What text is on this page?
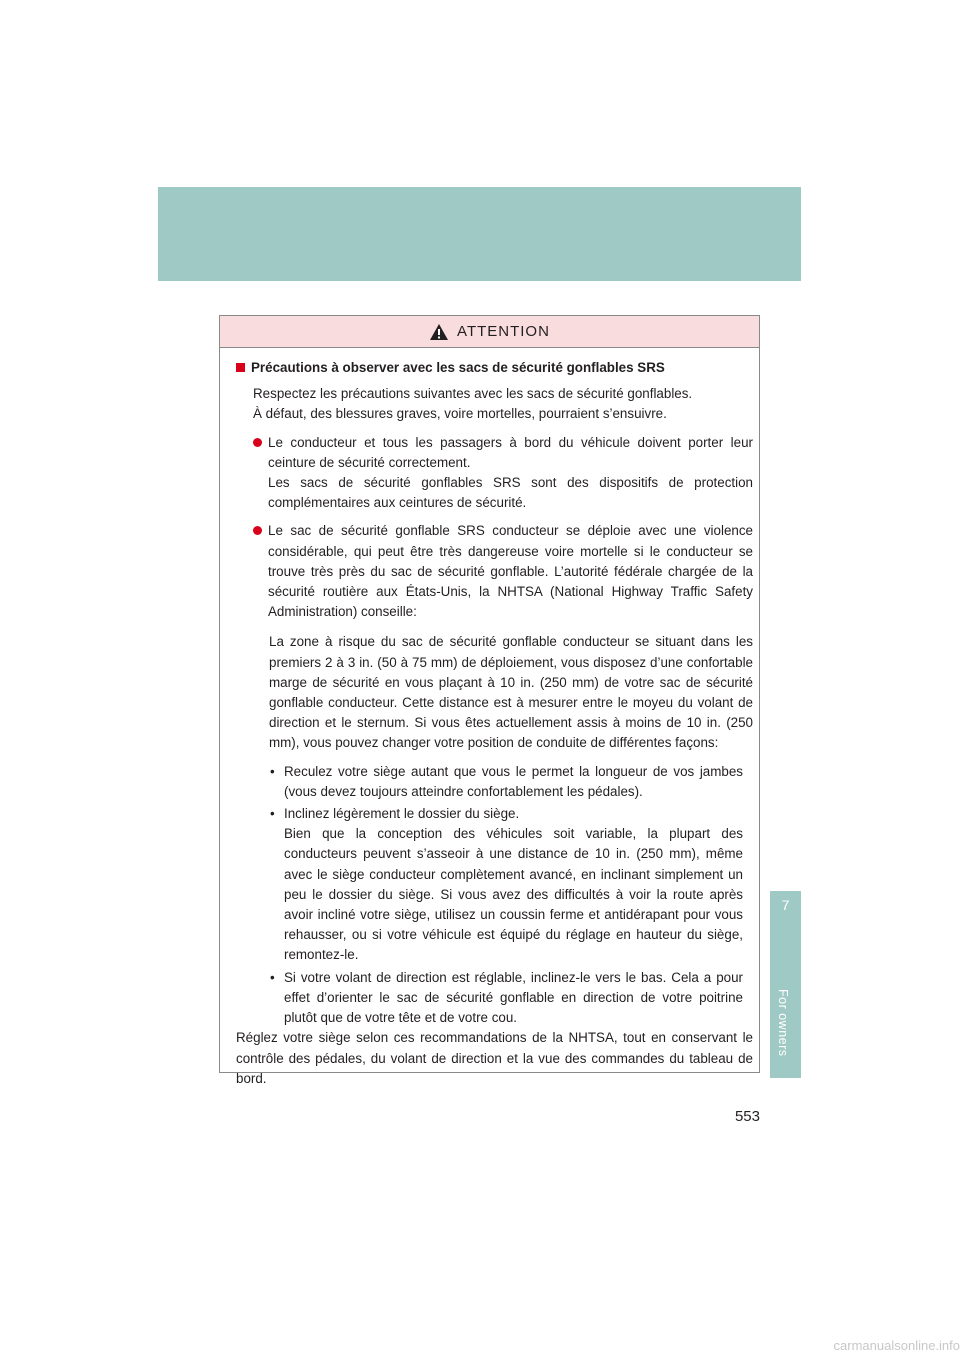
7
For owners
ATTENTION
Précautions à observer avec les sacs de sécurité gonflables SRS
Respectez les précautions suivantes avec les sacs de sécurité gonflables.
À défaut, des blessures graves, voire mortelles, pourraient s’ensuivre.
Le conducteur et tous les passagers à bord du véhicule doivent porter leur ceinture de sécurité correctement.
Les sacs de sécurité gonflables SRS sont des dispositifs de protection complémentaires aux ceintures de sécurité.
Le sac de sécurité gonflable SRS conducteur se déploie avec une violence considérable, qui peut être très dangereuse voire mortelle si le conducteur se trouve très près du sac de sécurité gonflable. L’autorité fédérale chargée de la sécurité routière aux États-Unis, la NHTSA (National Highway Traffic Safety Administration) conseille:
La zone à risque du sac de sécurité gonflable conducteur se situant dans les premiers 2 à 3 in. (50 à 75 mm) de déploiement, vous disposez d’une confortable marge de sécurité en vous plaçant à 10 in. (250 mm) de votre sac de sécurité gonflable conducteur. Cette distance est à mesurer entre le moyeu du volant de direction et le sternum. Si vous êtes actuellement assis à moins de 10 in. (250 mm), vous pouvez changer votre position de conduite de différentes façons:
• Reculez votre siège autant que vous le permet la longueur de vos jambes (vous devez toujours atteindre confortablement les pédales).
• Inclinez légèrement le dossier du siège.
Bien que la conception des véhicules soit variable, la plupart des conducteurs peuvent s’asseoir à une distance de 10 in. (250 mm), même avec le siège conducteur complètement avancé, en inclinant simplement un peu le dossier du siège. Si vous avez des difficultés à voir la route après avoir incliné votre siège, utilisez un coussin ferme et antidérapant pour vous rehausser, ou si votre véhicule est équipé du réglage en hauteur du siège, remontez-le.
• Si votre volant de direction est réglable, inclinez-le vers le bas. Cela a pour effet d’orienter le sac de sécurité gonflable en direction de votre poitrine plutôt que de votre tête et de votre cou.
Réglez votre siège selon ces recommandations de la NHTSA, tout en conservant le contrôle des pédales, du volant de direction et la vue des commandes du tableau de bord.
553
carmanualsonline.info
